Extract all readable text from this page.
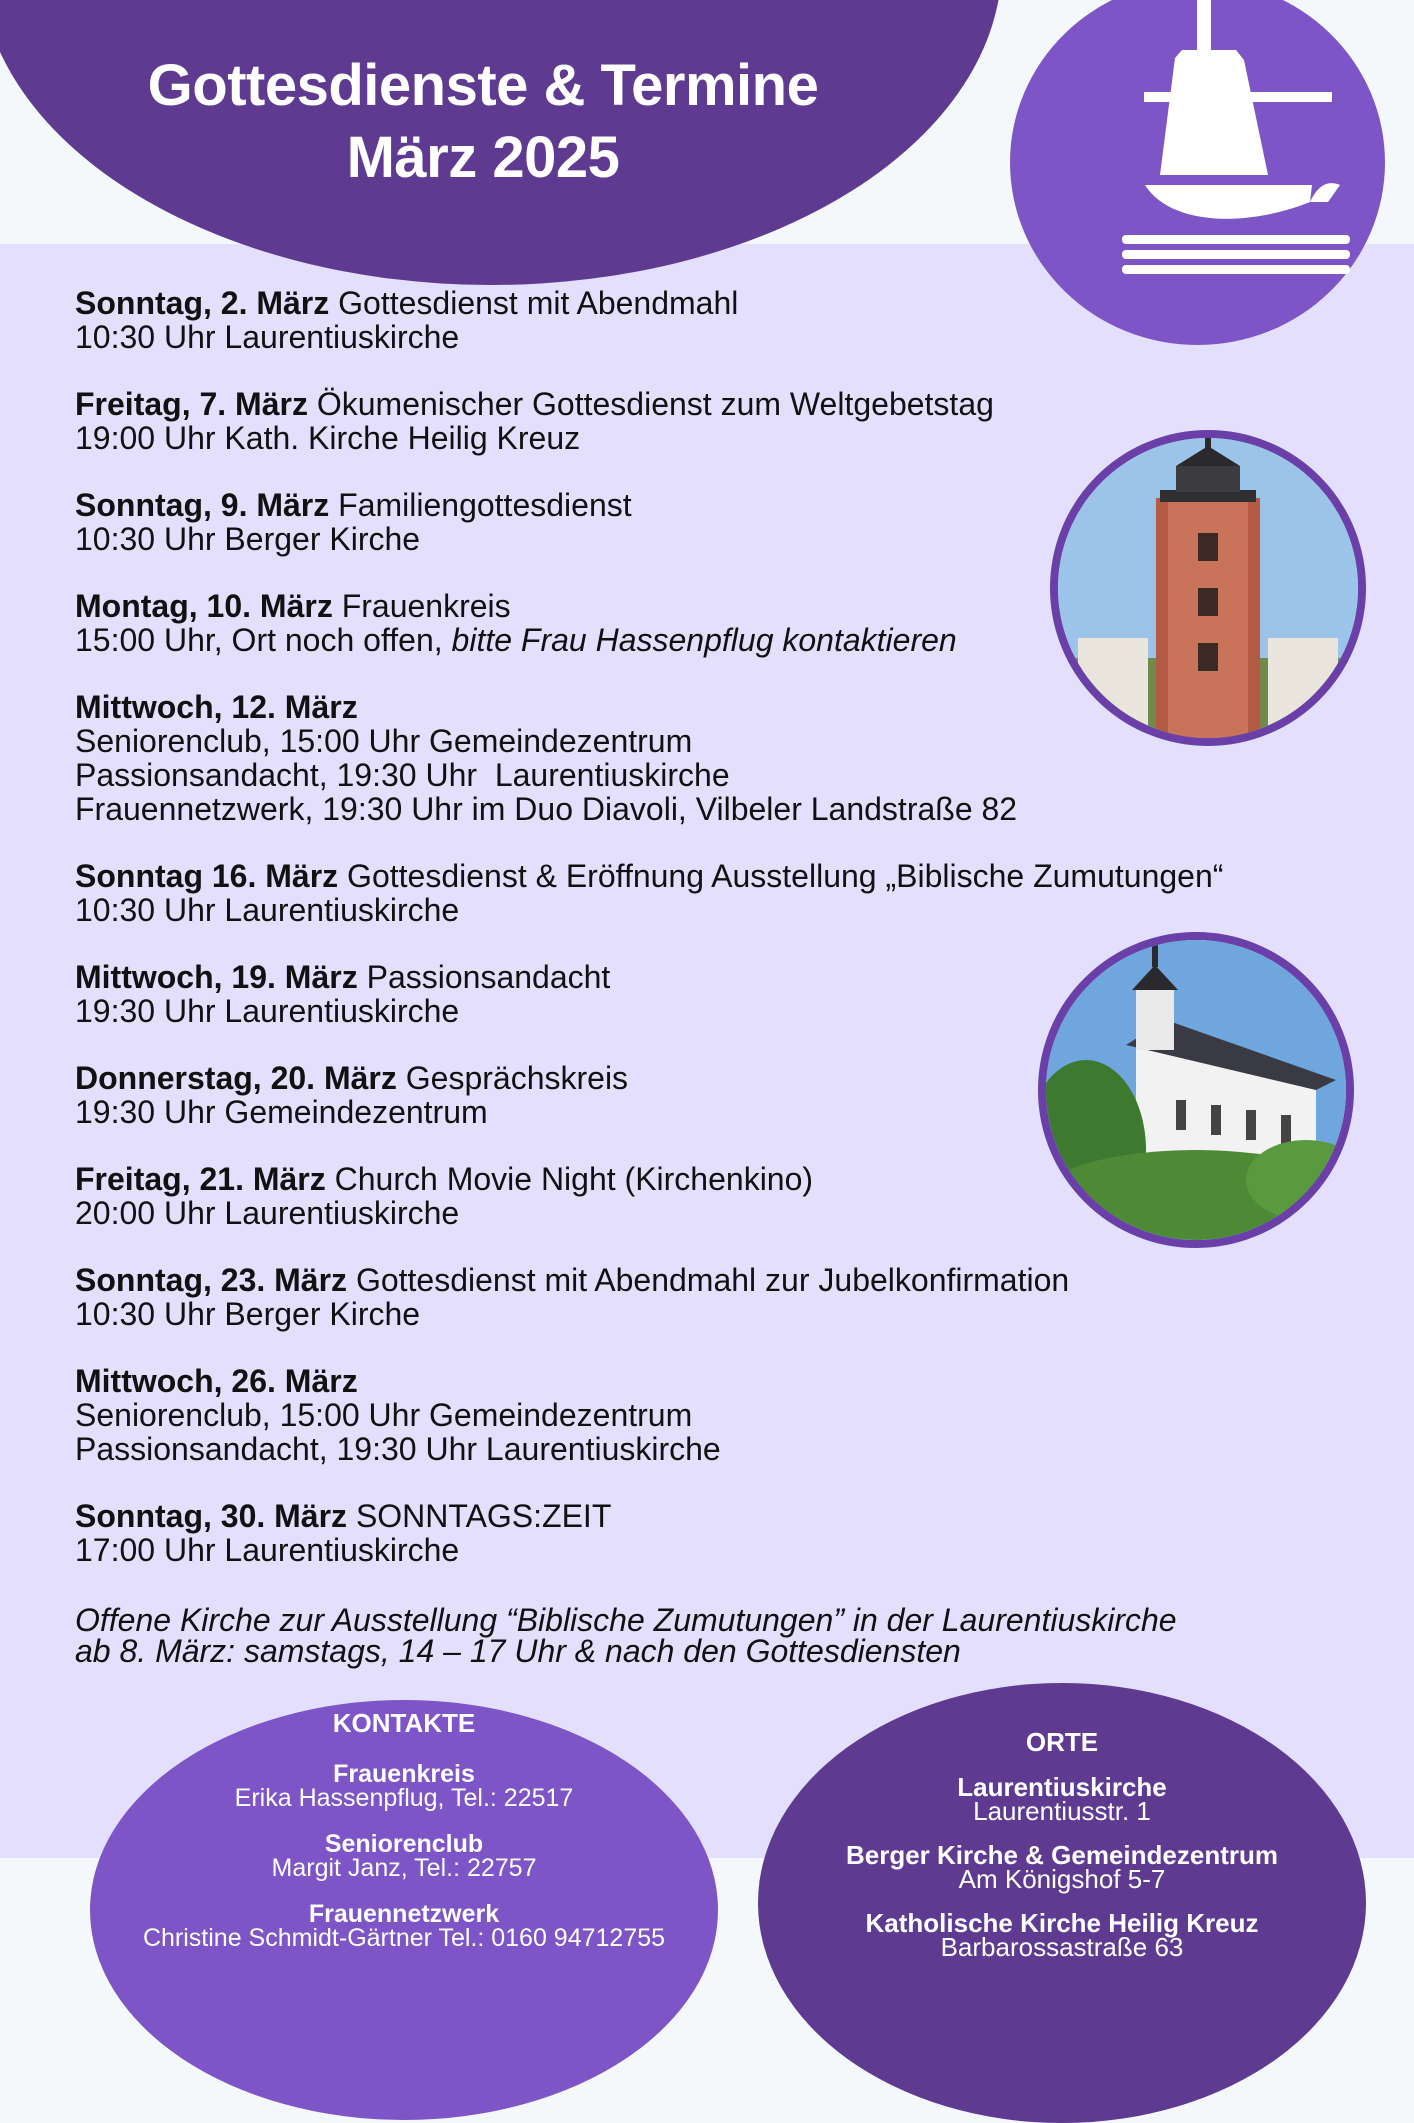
Gottesdienste & Termine
März 2025
Sonntag, 2. März Gottesdienst mit Abendmahl
10:30 Uhr Laurentiuskirche
Freitag, 7. März Ökumenischer Gottesdienst zum Weltgebetstag
19:00 Uhr Kath. Kirche Heilig Kreuz
Sonntag, 9. März Familiengottesdienst
10:30 Uhr Berger Kirche
Montag, 10. März Frauenkreis
15:00 Uhr, Ort noch offen, bitte Frau Hassenpflug kontaktieren
Mittwoch, 12. März
Seniorenclub, 15:00 Uhr Gemeindezentrum
Passionsandacht, 19:30 Uhr  Laurentiuskirche
Frauennetzwerk, 19:30 Uhr im Duo Diavoli, Vilbeler Landstraße 82
Sonntag 16. März Gottesdienst & Eröffnung Ausstellung „Biblische Zumutungen“
10:30 Uhr Laurentiuskirche
Mittwoch, 19. März Passionsandacht
19:30 Uhr Laurentiuskirche
Donnerstag, 20. März Gesprächskreis
19:30 Uhr Gemeindezentrum
Freitag, 21. März Church Movie Night (Kirchenkino)
20:00 Uhr Laurentiuskirche
Sonntag, 23. März Gottesdienst mit Abendmahl zur Jubelkonfirmation
10:30 Uhr Berger Kirche
Mittwoch, 26. März
Seniorenclub, 15:00 Uhr Gemeindezentrum
Passionsandacht, 19:30 Uhr Laurentiuskirche
Sonntag, 30. März SONNTAGS:ZEIT
17:00 Uhr Laurentiuskirche
Offene Kirche zur Ausstellung “Biblische Zumutungen” in der Laurentiuskirche
ab 8. März: samstags, 14 – 17 Uhr & nach den Gottesdiensten
KONTAKTE
Frauenkreis
Erika Hassenpflug, Tel.: 22517
Seniorenclub
Margit Janz, Tel.: 22757
Frauennetzwerk
Christine Schmidt-Gärtner Tel.: 0160 94712755
ORTE
Laurentiuskirche
Laurentiusstr. 1
Berger Kirche & Gemeindezentrum
Am Königshof 5-7
Katholische Kirche Heilig Kreuz
Barbarossastraße 63
